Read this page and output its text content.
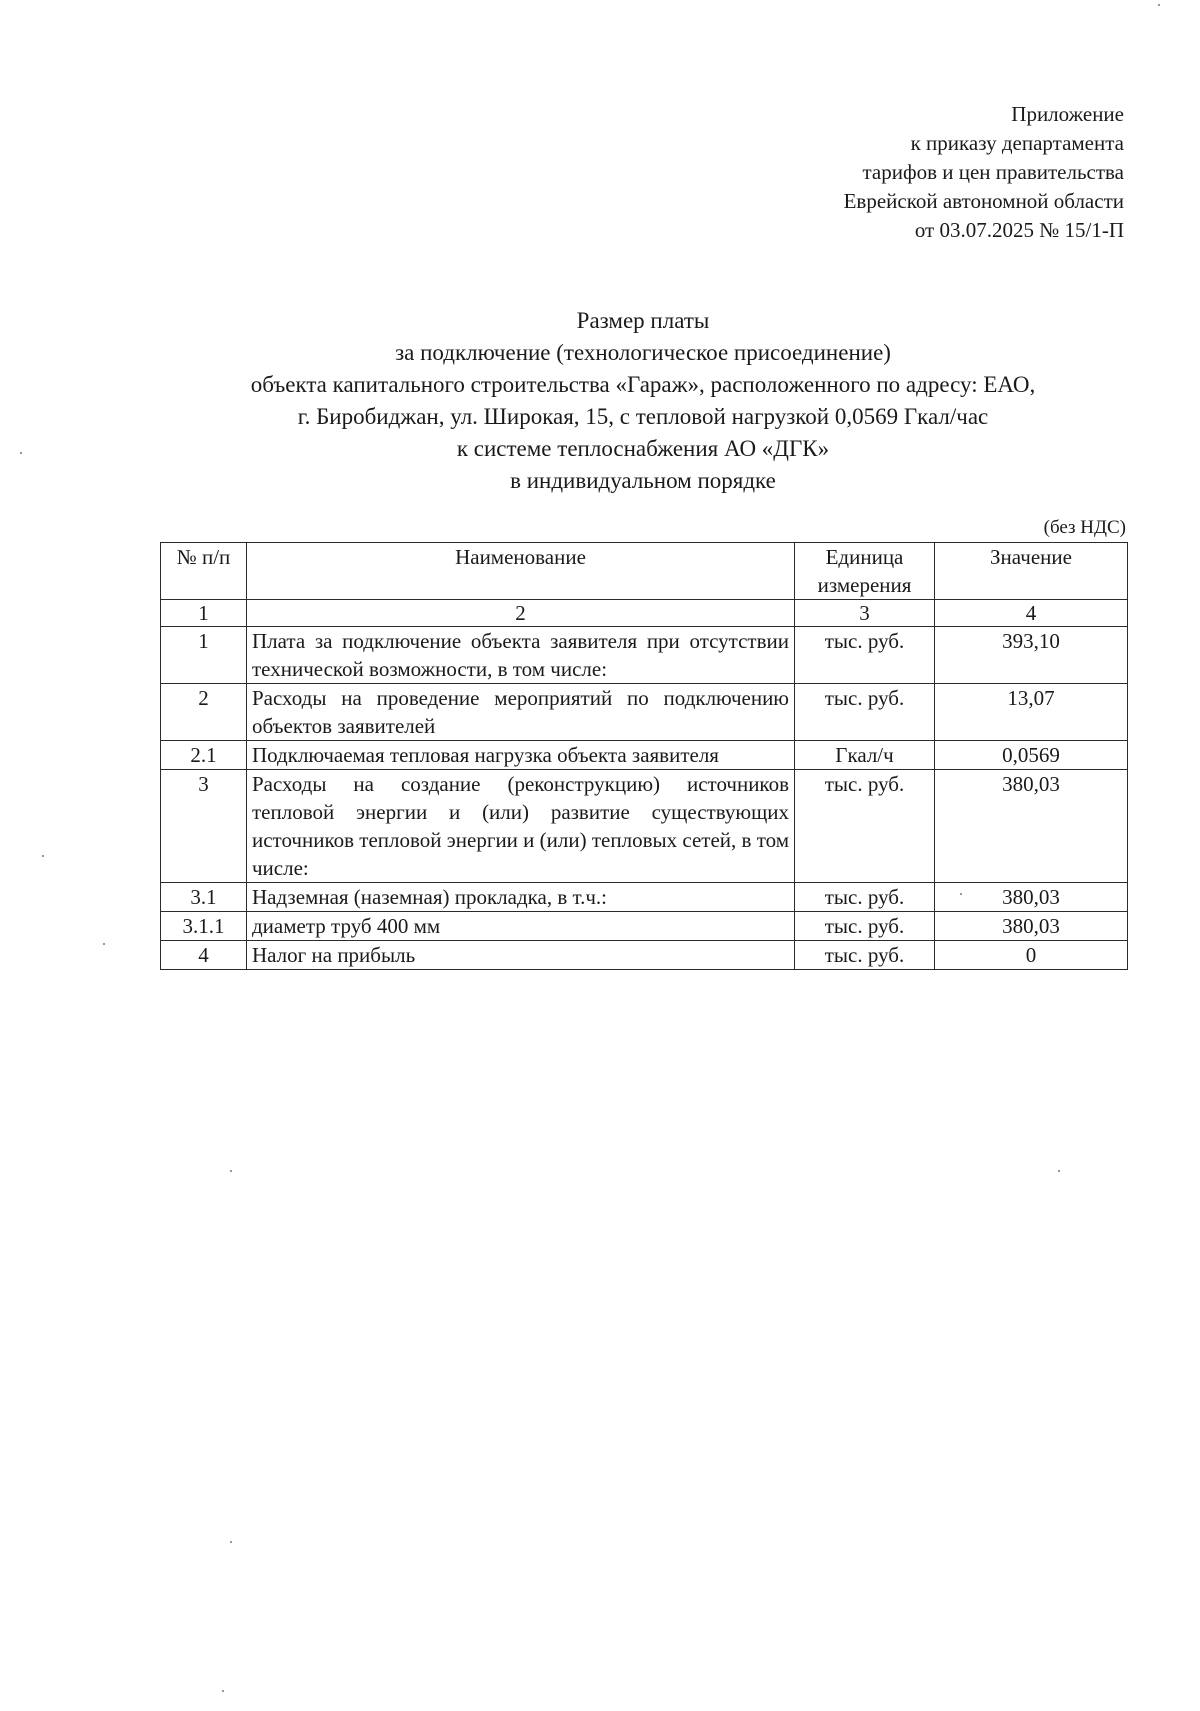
Приложение
к приказу департамента
тарифов и цен правительства
Еврейской автономной области
от 03.07.2025 № 15/1-П
Размер платы
за подключение (технологическое присоединение)
объекта капитального строительства «Гараж», расположенного по адресу: ЕАО,
г. Биробиджан, ул. Широкая, 15, с тепловой нагрузкой 0,0569 Гкал/час
к системе теплоснабжения АО «ДГК»
в индивидуальном порядке
(без НДС)
№ п/п	Наименование	Единица измерения	Значение
1	2	3	4
1	Плата за подключение объекта заявителя при отсутствии технической возможности, в том числе:	тыс. руб.	393,10
2	Расходы на проведение мероприятий по подключению объектов заявителей	тыс. руб.	13,07
2.1	Подключаемая тепловая нагрузка объекта заявителя	Гкал/ч	0,0569
3	Расходы на создание (реконструкцию) источников тепловой энергии и (или) развитие существующих источников тепловой энергии и (или) тепловых сетей, в том числе:	тыс. руб.	380,03
3.1	Надземная (наземная) прокладка, в т.ч.:	тыс. руб.	380,03
3.1.1	диаметр труб 400 мм	тыс. руб.	380,03
4	Налог на прибыль	тыс. руб.	0
